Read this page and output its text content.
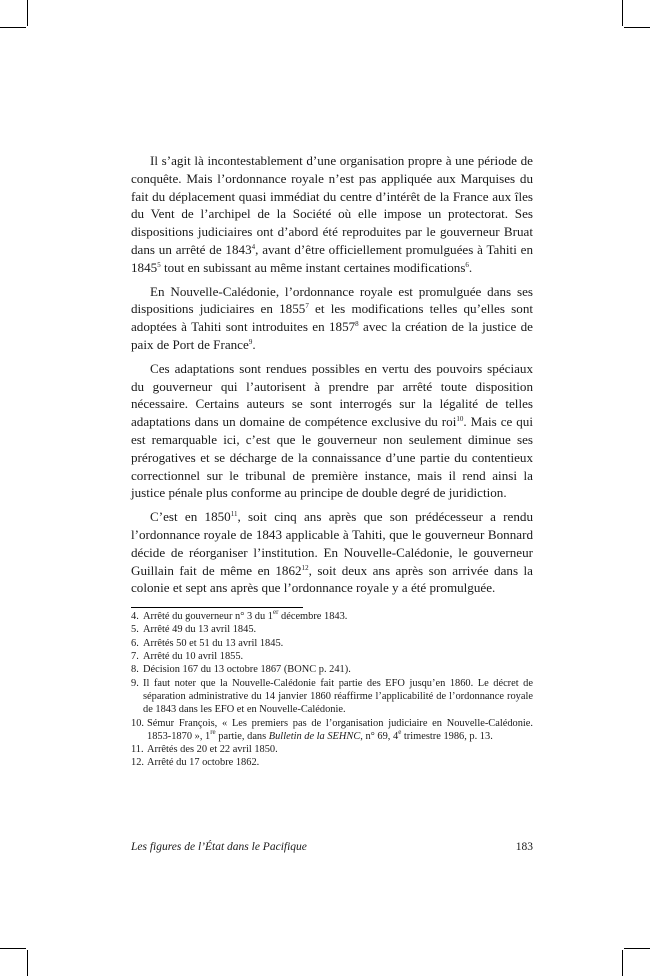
Il s’agit là incontestablement d’une organisation propre à une période de conquête. Mais l’ordonnance royale n’est pas appliquée aux Marquises du fait du déplacement quasi immédiat du centre d’intérêt de la France aux îles du Vent de l’archipel de la Société où elle impose un protectorat. Ses dispositions judiciaires ont d’abord été reproduites par le gouverneur Bruat dans un arrêté de 1843$^4$, avant d’être officiellement promulguées à Tahiti en 1845$^5$ tout en subissant au même instant certaines modifications$^6$.

En Nouvelle-Calédonie, l’ordonnance royale est promulguée dans ses dispositions judiciaires en 1855$^7$ et les modifications telles qu’elles sont adoptées à Tahiti sont introduites en 1857$^8$ avec la création de la justice de paix de Port de France$^9$.

Ces adaptations sont rendues possibles en vertu des pouvoirs spéciaux du gouverneur qui l’autorisent à prendre par arrêté toute disposition nécessaire. Certains auteurs se sont interrogés sur la légalité de telles adaptations dans un domaine de compétence exclusive du roi$^{10}$. Mais ce qui est remarquable ici, c’est que le gouverneur non seulement diminue ses prérogatives et se décharge de la connaissance d’une partie du contentieux correctionnel sur le tribunal de première instance, mais il rend ainsi la justice pénale plus conforme au principe de double degré de juridiction.

C’est en 1850$^{11}$, soit cinq ans après que son prédécesseur a rendu l’ordonnance royale de 1843 applicable à Tahiti, que le gouverneur Bonnard décide de réorganiser l’institution. En Nouvelle-Calédonie, le gouverneur Guillain fait de même en 1862$^{12}$, soit deux ans après son arrivée dans la colonie et sept ans après que l’ordonnance royale y a été promulguée.

4. Arrêté du gouverneur n° 3 du 1er décembre 1843.

5. Arrêté 49 du 13 avril 1845.

6. Arrêtés 50 et 51 du 13 avril 1845.

7. Arrêté du 10 avril 1855.

8. Décision 167 du 13 octobre 1867 (BONC p. 241).

9. Il faut noter que la Nouvelle-Calédonie fait partie des EFO jusqu’en 1860. Le décret de séparation administrative du 14 janvier 1860 réaffirme l’applicabilité de l’ordonnance royale de 1843 dans les EFO et en Nouvelle-Calédonie.

10. Sémur François, « Les premiers pas de l’organisation judiciaire en Nouvelle-Calédonie. 1853-1870 », 1re partie, dans Bulletin de la SEHNC, n° 69, 4e trimestre 1986, p. 13.

11. Arrêtés des 20 et 22 avril 1850.

12. Arrêté du 17 octobre 1862.

Les figures de l’État dans le Pacifique	183
